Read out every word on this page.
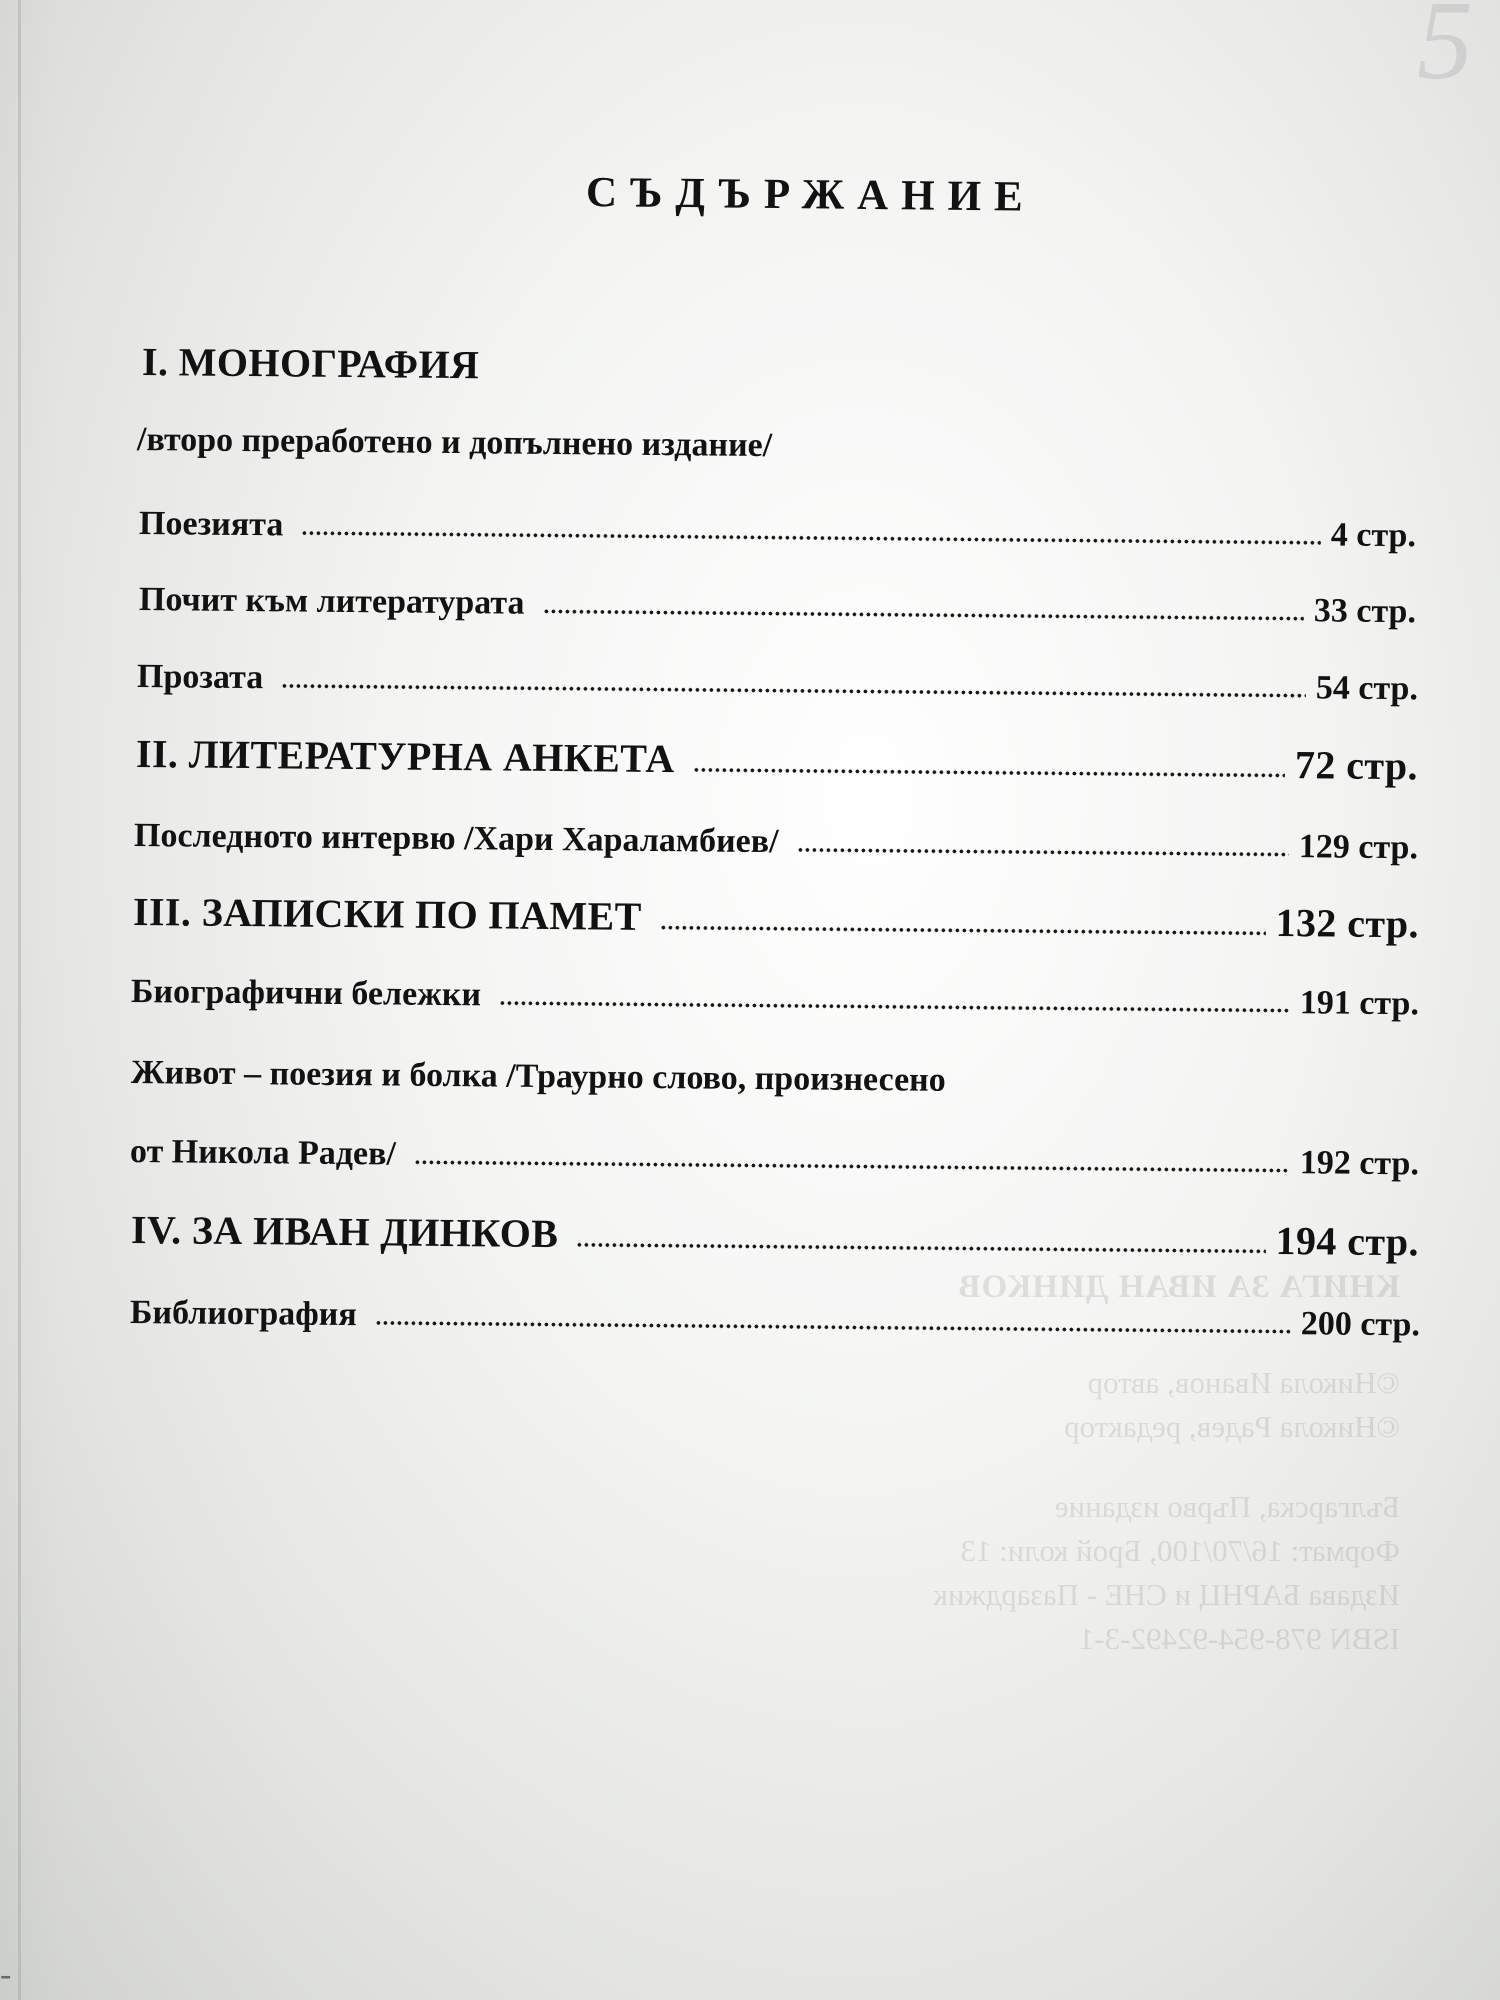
5
-
СЪДЪРЖАНИЕ
I. МОНОГРАФИЯ
/второ преработено и допълнено издание/
Поезията	4 стр.
Почит към литературата	33 стр.
Прозата	54 стр.
II. ЛИТЕРАТУРНА АНКЕТА	72 стр.
Последното интервю /Хари Хараламбиев/	129 стр.
III. ЗАПИСКИ ПО ПАМЕТ	132 стр.
Биографични бележки	191 стр.
Живот – поезия и болка /Траурно слово, произнесено
от Никола Радев/	192 стр.
IV. ЗА ИВАН ДИНКОВ	194 стр.
Библиография	200 стр.
КНИГА ЗА ИВАН ДИНКОВ
©Никола Иванов, автор
©Никола Радев, редактор
Българска, Първо издание
Формат: 16/70/100, Брой коли: 13
Издава БАРНЦ и СНЕ - Пазарджик
ISBN 978-954-92492-3-1
